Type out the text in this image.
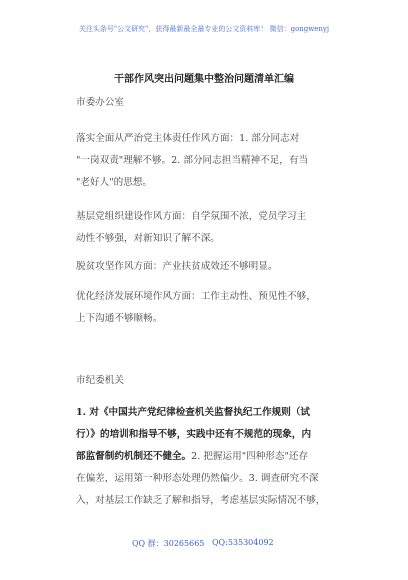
关注头条号"公文研究"，获得最新最全最专业的公文资料库！ 微信：gongwenyj
干部作风突出问题集中整治问题清单汇编
市委办公室
落实全面从严治党主体责任作风方面：1. 部分同志对
"一岗双责"理解不够。2. 部分同志担当精神不足，有当
"老好人"的思想。
基层党组织建设作风方面：自学氛围不浓，党员学习主
动性不够强，对新知识了解不深。
脱贫攻坚作风方面：产业扶贫成效还不够明显。
优化经济发展环境作风方面：工作主动性、预见性不够，
上下沟通不够顺畅。
市纪委机关
1. 对《中国共产党纪律检查机关监督执纪工作规则（试
行）》的培训和指导不够，实践中还有不规范的现象，内
部监督制约机制还不健全。2. 把握运用"四种形态"还存
在偏差，运用第一种形态处理仍然偏少。3. 调查研究不深
入，对基层工作缺乏了解和指导，考虑基层实际情况不够，
QQ 群：30265665 QQ:535304092
